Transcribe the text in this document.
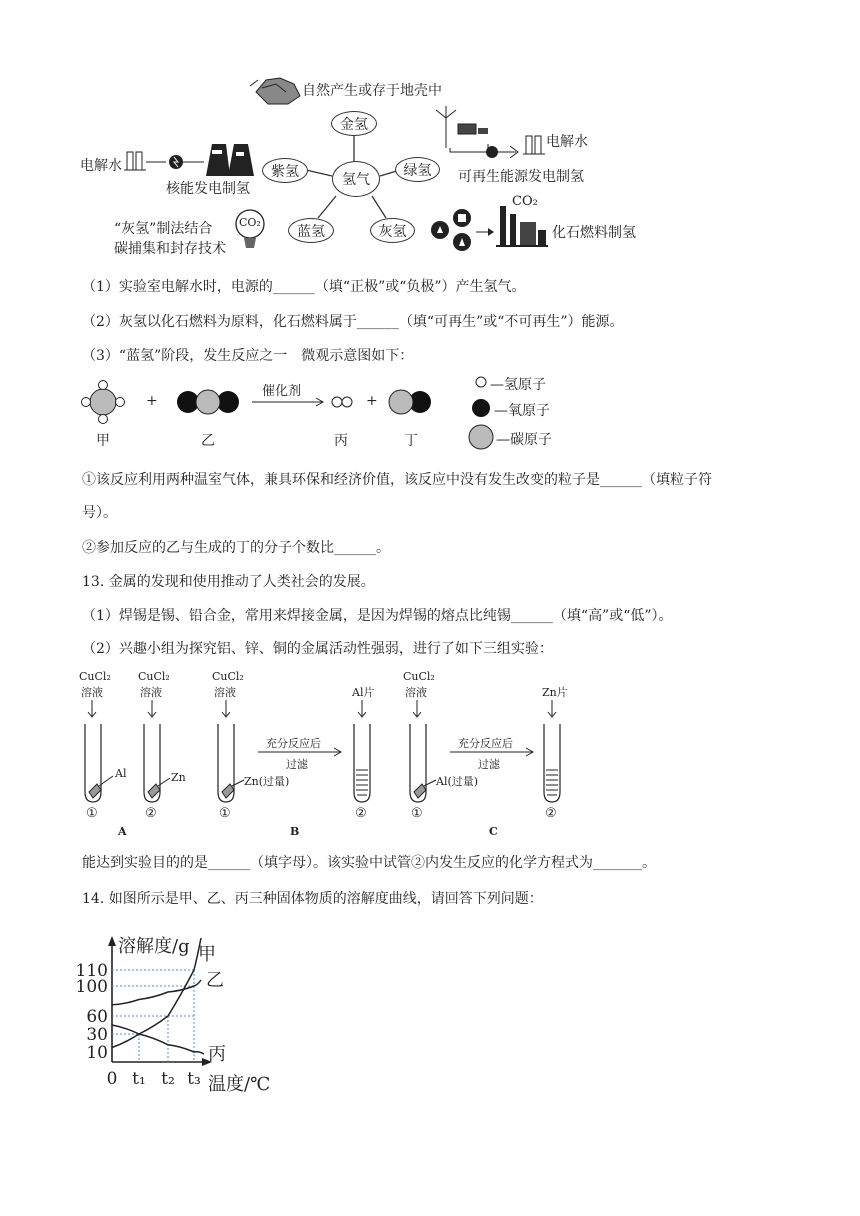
自然产生或存于地壳中
金氢
紫氢
氢气
绿氢
蓝氢	灰氢
电解水
核能发电制氢
电解水
可再生能源发电制氢
“灰氢”制法结合
碳捕集和封存技术
CO₂
CO₂
化石燃料制氢
（1）实验室电解水时，电源的______（填“正极”或“负极”）产生氢气。
（2）灰氢以化石燃料为原料，化石燃料属于______（填“可再生”或“不可再生”）能源。
（3）“蓝氢”阶段，发生反应之一　微观示意图如下：
+	+
催化剂
甲	乙	丙	丁
—氢原子
—氧原子
—碳原子
①该反应利用两种温室气体，兼具环保和经济价值，该反应中没有发生改变的粒子是______（填粒子符
号）。
②参加反应的乙与生成的丁的分子个数比______。
13. 金属的发现和使用推动了人类社会的发展。
（1）焊锡是锡、铅合金，常用来焊接金属，是因为焊锡的熔点比纯锡______（填“高”或“低”）。
（2）兴趣小组为探究铝、锌、铜的金属活动性强弱，进行了如下三组实验：
CuCl₂
溶液
CuCl₂
溶液
CuCl₂
溶液
CuCl₂
溶液
Al片	Zn片
Al	Zn	Zn(过量)	Al(过量)
充分反应后
过滤
充分反应后
过滤
①	②	①	②	①	②
A	B	C
能达到实验目的的是______（填字母）。该实验中试管②内发生反应的化学方程式为_______。
14. 如图所示是甲、乙、丙三种固体物质的溶解度曲线，请回答下列问题：
10
30
60
100
110
0 t₁ t₂ t₃
溶解度/g
温度/℃
甲
乙
丙
